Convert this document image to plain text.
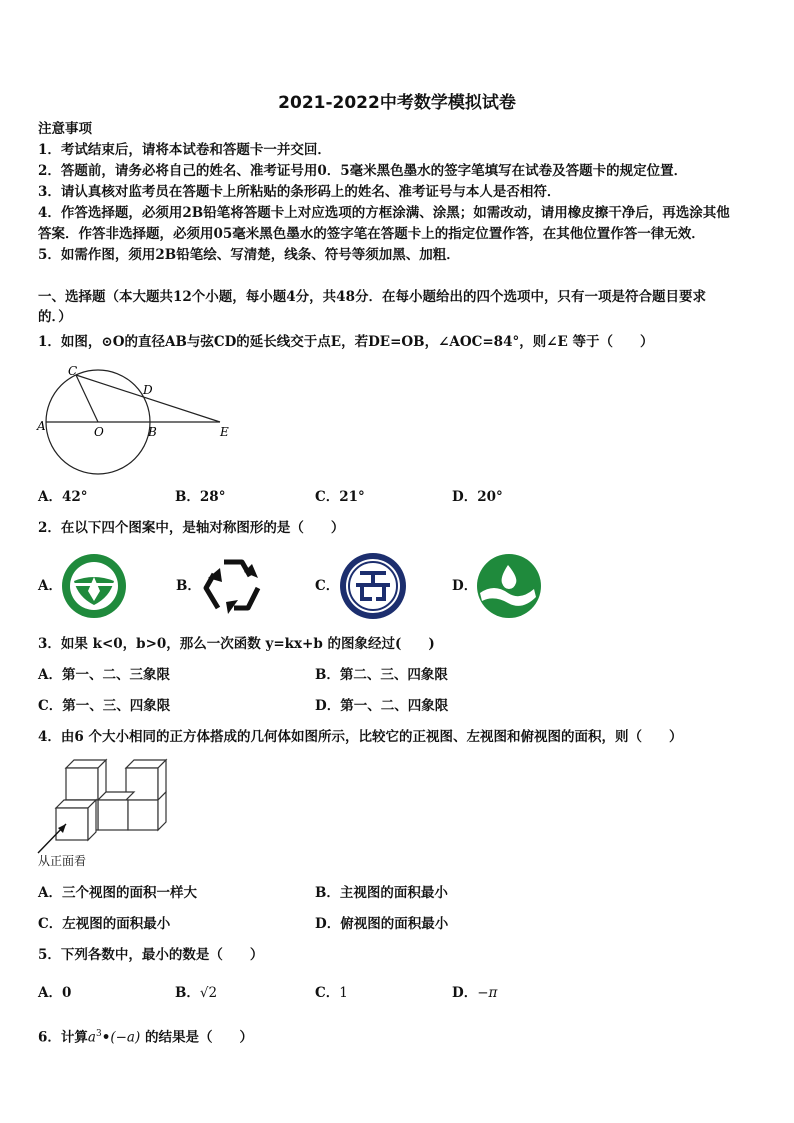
2021-2022中考数学模拟试卷
注意事项
1．考试结束后，请将本试卷和答题卡一并交回．
2．答题前，请务必将自己的姓名、准考证号用0．5毫米黑色墨水的签字笔填写在试卷及答题卡的规定位置．
3．请认真核对监考员在答题卡上所粘贴的条形码上的姓名、准考证号与本人是否相符．
4．作答选择题，必须用2B铅笔将答题卡上对应选项的方框涂满、涂黑；如需改动，请用橡皮擦干净后，再选涂其他
答案．作答非选择题，必须用05毫米黑色墨水的签字笔在答题卡上的指定位置作答，在其他位置作答一律无效．
5．如需作图，须用2B铅笔绘、写清楚，线条、符号等须加黑、加粗．
一、选择题（本大题共12个小题，每小题4分，共48分．在每小题给出的四个选项中，只有一项是符合题目要求
的．）
1．如图，⊙O的直径AB与弦CD的延长线交于点E，若DE=OB，∠AOC=84°，则∠E 等于（　　）
C
D
A	O	B	E
A．42°	B．28°	C．21°	D．20°
2．在以下四个图案中，是轴对称图形的是（　　）
A．	B．	C．	D．
3．如果 k<0，b>0，那么一次函数 y=kx+b 的图象经过(　　)
A．第一、二、三象限	B．第二、三、四象限
C．第一、三、四象限	D．第一、二、四象限
4．由6 个大小相同的正方体搭成的几何体如图所示，比较它的正视图、左视图和俯视图的面积，则（　　）
从正面看
A．三个视图的面积一样大	B．主视图的面积最小
C．左视图的面积最小	D．俯视图的面积最小
5．下列各数中，最小的数是（　　）
A．0	B．√2	C．1	D．−π
6．计算$a^3•(-a)$ 的结果是（　　）
